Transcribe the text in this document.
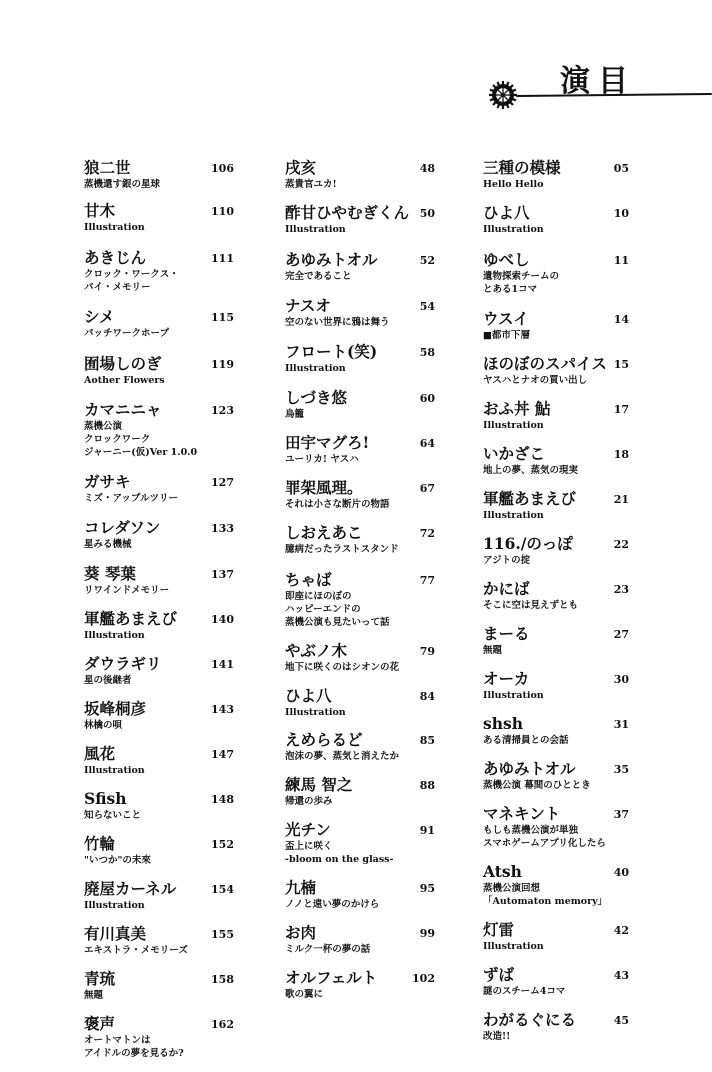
演目
狼二世	106
蒸機還す銀の星球
甘木	110
Illustration
あきじん	111
クロック・ワークス・
パイ・メモリー
シメ	115
パッチワークホープ
囿場しのぎ	119
Aother Flowers
カマニニャ	123
蒸機公演
クロックワーク
ジャーニー(仮)Ver 1.0.0
ガサキ	127
ミズ・アップルツリー
コレダソン	133
星みる機械
葵 琴葉	137
リワインドメモリー
軍艦あまえび	140
Illustration
ダウラギリ	141
星の後継者
坂峰桐彦	143
林檎の唄
風花	147
Illustration
Sfish	148
知らないこと
竹輪	152
"いつか"の未來
廃屋カーネル	154
Illustration
有川真美	155
エキストラ・メモリーズ
青琉	158
無題
褒声	162
オートマトンは
アイドルの夢を見るか?
戌亥	48
蒸貴官ユカ!
酢甘ひやむぎくん 50
Illustration
あゆみトオル	52
完全であること
ナスオ	54
空のない世界に鴉は舞う
フロート(笑)	58
Illustration
しづき悠	60
烏籠
田宇マグろ!	64
ユーリカ! ヤスハ
罪架風理。	67
それは小さな断片の物語
しおえあこ	72
臆病だったラストスタンド
ちゃば	77
即座にほのぼの
ハッピーエンドの
蒸機公演も見たいって話
やぶノ木	79
地下に咲くのはシオンの花
ひよ八	84
Illustration
えめらるど	85
泡沫の夢、蒸気と消えたか
練馬 智之	88
帰還の歩み
光チン	91
盃上に咲く
-bloom on the glass-
九楠	95
ノノと遠い夢のかけら
お肉	99
ミルク一杯の夢の話
オルフェルト	102
歌の翼に
三種の模様	05
Hello Hello
ひよ八	10
Illustration
ゆべし	11
遺物探索チームの
とある1コマ
ウスイ	14
■都市下層
ほのぼのスパイス 15
ヤスハとナオの買い出し
おふ丼 鮎	17
Illustration
いかざこ	18
地上の夢、蒸気の現実
軍艦あまえび	21
Illustration
116./のっぽ	22
アジトの掟
かにば	23
そこに空は見えずとも
まーる	27
無題
オーカ	30
Illustration
shsh	31
ある清掃員との会話
あゆみトオル	35
蒸機公演 幕間のひととき
マネキント	37
もしも蒸機公演が単独
スマホゲームアプリ化したら
Atsh	40
蒸機公演回想
「Automaton memory」
灯雷	42
Illustration
ずば	43
謎のスチーム4コマ
わがるぐにる	45
改造!!
